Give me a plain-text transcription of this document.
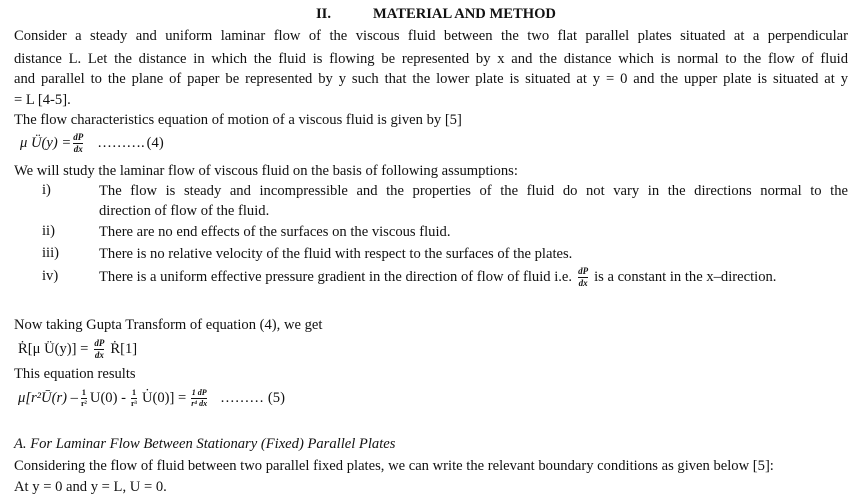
II.	MATERIAL AND METHOD
Consider a steady and uniform laminar flow of the viscous fluid between the two flat parallel plates situated at a perpendicular
distance L. Let the distance in which the fluid is flowing be represented by x and the distance which is normal to the flow of fluid
and parallel to the plane of paper be represented by y such that the lower plate is situated at y = 0 and the upper plate is situated at y
= L [4-5].
The flow characteristics equation of motion of a viscous fluid is given by [5]
μ Ü(y) = $\frac{dP}{dx}$ ………. (4)
We will study the laminar flow of viscous fluid on the basis of following assumptions:
i)	The flow is steady and incompressible and the properties of the fluid do not vary in the directions normal to the
direction of flow of the fluid.
ii)	There are no end effects of the surfaces on the viscous fluid.
iii)	There is no relative velocity of the fluid with respect to the surfaces of the plates.
iv)	There is a uniform effective pressure gradient in the direction of flow of fluid i.e. $\frac{dP}{dx}$ is a constant in the x–direction.
Now taking Gupta Transform of equation (4), we get
Ṙ[μ Ü(y)] = $\frac{dP}{dx}$ Ṙ[1]
This equation results
μ[r²Ū(r) – $\frac{1}{\text{r²}} U(0) - \frac{1}{\text{r³}}$ U̇(0)] = $\frac{1 dP}{\text{r⁴ dx}}$ ……… (5)
A. For Laminar Flow Between Stationary (Fixed) Parallel Plates
Considering the flow of fluid between two parallel fixed plates, we can write the relevant boundary conditions as given below [5]:
At y = 0 and y = L, U = 0.
